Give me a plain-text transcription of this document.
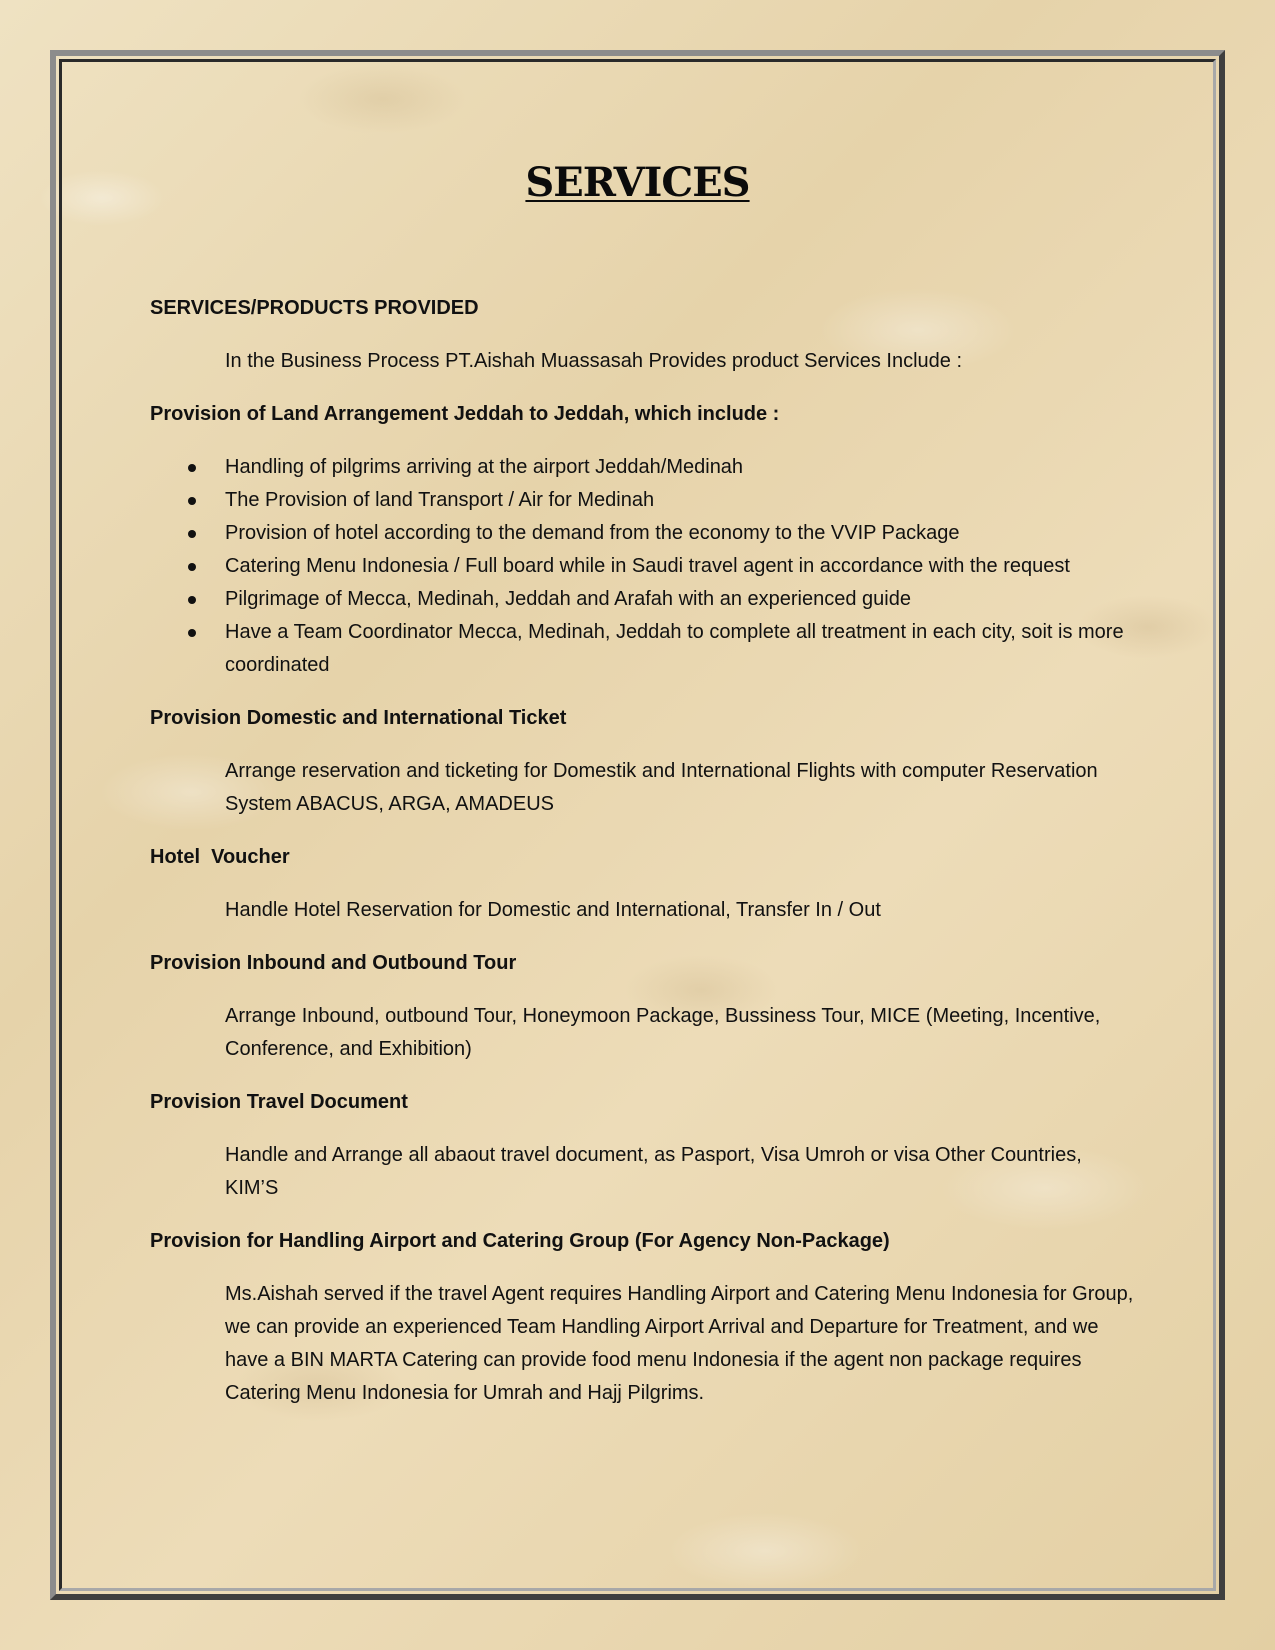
SERVICES

SERVICES/PRODUCTS PROVIDED

In the Business Process PT.Aishah Muassasah Provides product Services Include :

Provision of Land Arrangement Jeddah to Jeddah, which include :

Handling of pilgrims arriving at the airport Jeddah/Medinah
The Provision of land Transport / Air for Medinah
Provision of hotel according to the demand from the economy to the VVIP Package
Catering Menu Indonesia / Full board while in Saudi travel agent in accordance with the request
Pilgrimage of Mecca, Medinah, Jeddah and Arafah with an experienced guide
Have a Team Coordinator Mecca, Medinah, Jeddah to complete all treatment in each city, soit is more coordinated

Provision Domestic and International Ticket

Arrange reservation and ticketing for Domestik and International Flights with computer Reservation System ABACUS, ARGA, AMADEUS

Hotel  Voucher

Handle Hotel Reservation for Domestic and International, Transfer In / Out

Provision Inbound and Outbound Tour

Arrange Inbound, outbound Tour, Honeymoon Package, Bussiness Tour, MICE (Meeting, Incentive, Conference, and Exhibition)

Provision Travel Document

Handle and Arrange all abaout travel document, as Pasport, Visa Umroh or visa Other Countries, KIM’S

Provision for Handling Airport and Catering Group (For Agency Non-Package)

Ms.Aishah served if the travel Agent requires Handling Airport and Catering Menu Indonesia for Group, we can provide an experienced Team Handling Airport Arrival and Departure for Treatment, and we have a BIN MARTA Catering can provide food menu Indonesia if the agent non package requires Catering Menu Indonesia for Umrah and Hajj Pilgrims.
